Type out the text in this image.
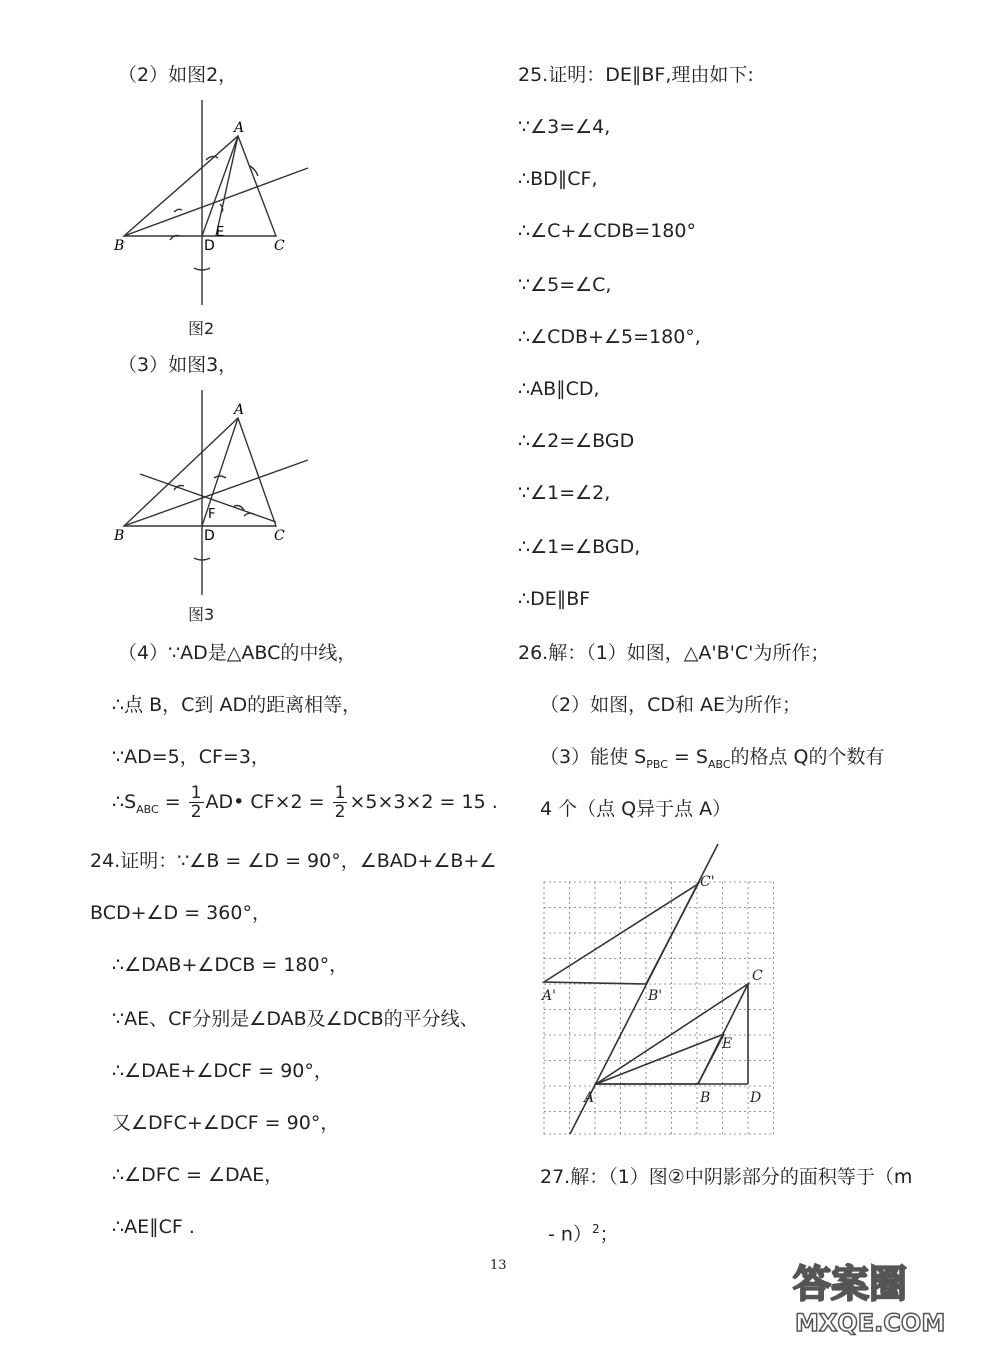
（2）如图2，
B
A
D
E
C
图2
（3）如图3，
B
A
D
F
C
图3
（4）∵AD是△ABC的中线，
∴点 B，C到 AD的距离相等，
∵AD=5，CF=3，
$\therefore S_{ABC} = \frac{1}{2}$ AD• $CF\times 2 = \frac{1}{2} \times 5\times 3\times 2 = 15$ .
24.证明：∵∠B = ∠D = 90°，∠BAD+∠B+∠
BCD+∠D = 360°，
∴∠DAB+∠DCB = 180°，
∵AE、CF分别是∠DAB及∠DCB的平分线、
∴∠DAE+∠DCF = 90°，
又∠DFC+∠DCF = 90°，
∴∠DFC = ∠DAE，
∴AE∥CF .
25.证明：DE∥BF,理由如下:
∵∠3=∠4,
∴BD∥CF,
∴∠C+∠CDB=180°
∵∠5=∠C,
∴∠CDB+∠5=180°,
∴AB∥CD,
∴∠2=∠BGD
∵∠1=∠2,
∴∠1=∠BGD,
∴DE∥BF
26.解：（1）如图，△A'B'C'为所作；
（2）如图，CD和 AE为所作；
（3）能使 $S_{PBC} = S_{ABC}$的格点 Q的个数有
4 个（点 Q异于点 A）
C'
A'	B'
C
E
B	D
A
27.解：（1）图②中阴影部分的面积等于（m
- n）$^2$；
13	答案圈
MXQE.COM
